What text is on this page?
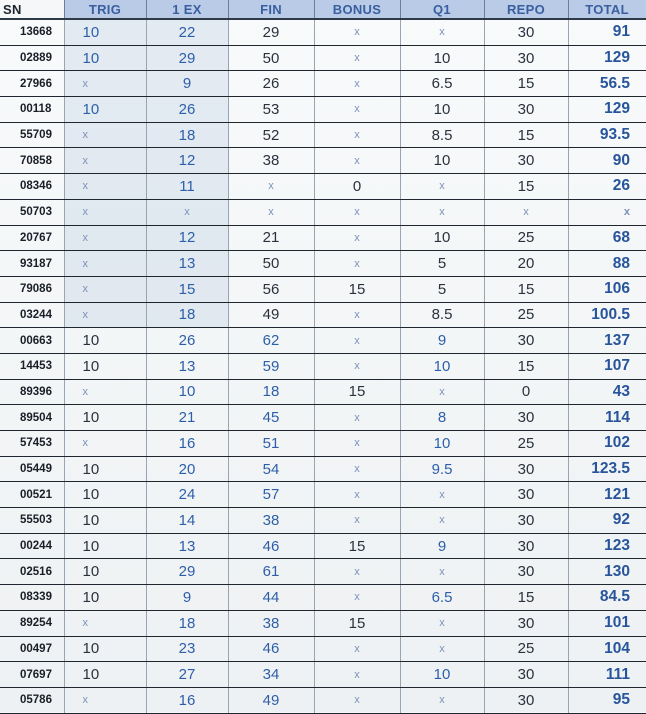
SN	TRIG	1 EX	FIN	BONUS	Q1	REPO	TOTAL
13668	10	22	29	x	x	30	91
02889	10	29	50	x	10	30	129
27966	x	9	26	x	6.5	15	56.5
00118	10	26	53	x	10	30	129
55709	x	18	52	x	8.5	15	93.5
70858	x	12	38	x	10	30	90
08346	x	11	x	0	x	15	26
50703	x	x	x	x	x	x	x
20767	x	12	21	x	10	25	68
93187	x	13	50	x	5	20	88
79086	x	15	56	15	5	15	106
03244	x	18	49	x	8.5	25	100.5
00663	10	26	62	x	9	30	137
14453	10	13	59	x	10	15	107
89396	x	10	18	15	x	0	43
89504	10	21	45	x	8	30	114
57453	x	16	51	x	10	25	102
05449	10	20	54	x	9.5	30	123.5
00521	10	24	57	x	x	30	121
55503	10	14	38	x	x	30	92
00244	10	13	46	15	9	30	123
02516	10	29	61	x	x	30	130
08339	10	9	44	x	6.5	15	84.5
89254	x	18	38	15	x	30	101
00497	10	23	46	x	x	25	104
07697	10	27	34	x	10	30	111
05786	x	16	49	x	x	30	95
